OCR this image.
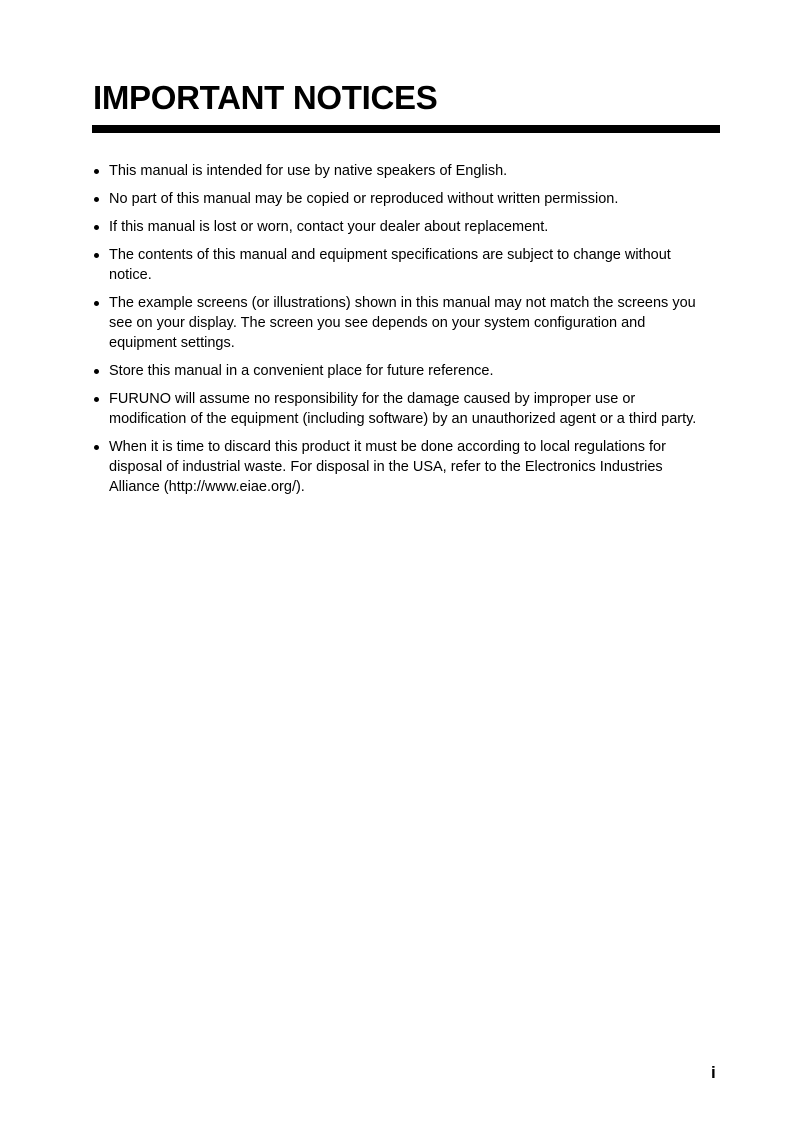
IMPORTANT NOTICES
This manual is intended for use by native speakers of English.
No part of this manual may be copied or reproduced without written permission.
If this manual is lost or worn, contact your dealer about replacement.
The contents of this manual and equipment specifications are subject to change without notice.
The example screens (or illustrations) shown in this manual may not match the screens you see on your display. The screen you see depends on your system configuration and equipment settings.
Store this manual in a convenient place for future reference.
FURUNO will assume no responsibility for the damage caused by improper use or modification of the equipment (including software) by an unauthorized agent or a third party.
When it is time to discard this product it must be done according to local regulations for disposal of industrial waste. For disposal in the USA, refer to the Electronics Industries Alliance (http://www.eiae.org/).
i
